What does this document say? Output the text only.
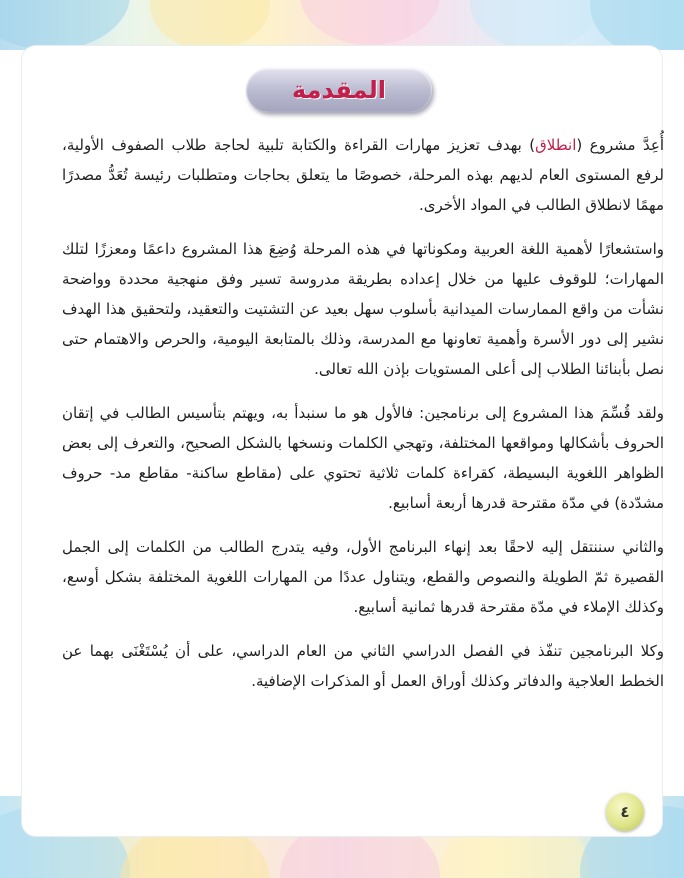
المقدمة

أُعِدَّ مشروع (انطلاق) بهدف تعزيز مهارات القراءة والكتابة تلبية لحاجة طلاب الصفوف الأولية، لرفع المستوى العام لديهم بهذه المرحلة، خصوصًا ما يتعلق بحاجات ومتطلبات رئيسة تُعَدُّ مصدرًا مهمًا لانطلاق الطالب في المواد الأخرى.

واستشعارًا لأهمية اللغة العربية ومكوناتها في هذه المرحلة وُضِعَ هذا المشروع داعمًا ومعززًا لتلك المهارات؛ للوقوف عليها من خلال إعداده بطريقة مدروسة تسير وفق منهجية محددة وواضحة نشأت من واقع الممارسات الميدانية بأسلوب سهل بعيد عن التشتيت والتعقيد، ولتحقيق هذا الهدف نشير إلى دور الأسرة وأهمية تعاونها مع المدرسة، وذلك بالمتابعة اليومية، والحرص والاهتمام حتى نصل بأبنائنا الطلاب إلى أعلى المستويات بإذن الله تعالى.

ولقد قُسِّمَ هذا المشروع إلى برنامجين: فالأول هو ما سنبدأ به، ويهتم بتأسيس الطالب في إتقان الحروف بأشكالها ومواقعها المختلفة، وتهجي الكلمات ونسخها بالشكل الصحيح، والتعرف إلى بعض الظواهر اللغوية البسيطة، كقراءة كلمات ثلاثية تحتوي على (مقاطع ساكنة- مقاطع مد- حروف مشدّدة) في مدّة مقترحة قدرها أربعة أسابيع.

والثاني سننتقل إليه لاحقًا بعد إنهاء البرنامج الأول، وفيه يتدرج الطالب من الكلمات إلى الجمل القصيرة ثمّ الطويلة والنصوص والقطع، ويتناول عددًا من المهارات اللغوية المختلفة بشكل أوسع، وكذلك الإملاء في مدّة مقترحة قدرها ثمانية أسابيع.

وكلا البرنامجين تنفّذ في الفصل الدراسي الثاني من العام الدراسي، على أن يُسْتَغْنَى بهما عن الخطط العلاجية والدفاتر وكذلك أوراق العمل أو المذكرات الإضافية.

٤
